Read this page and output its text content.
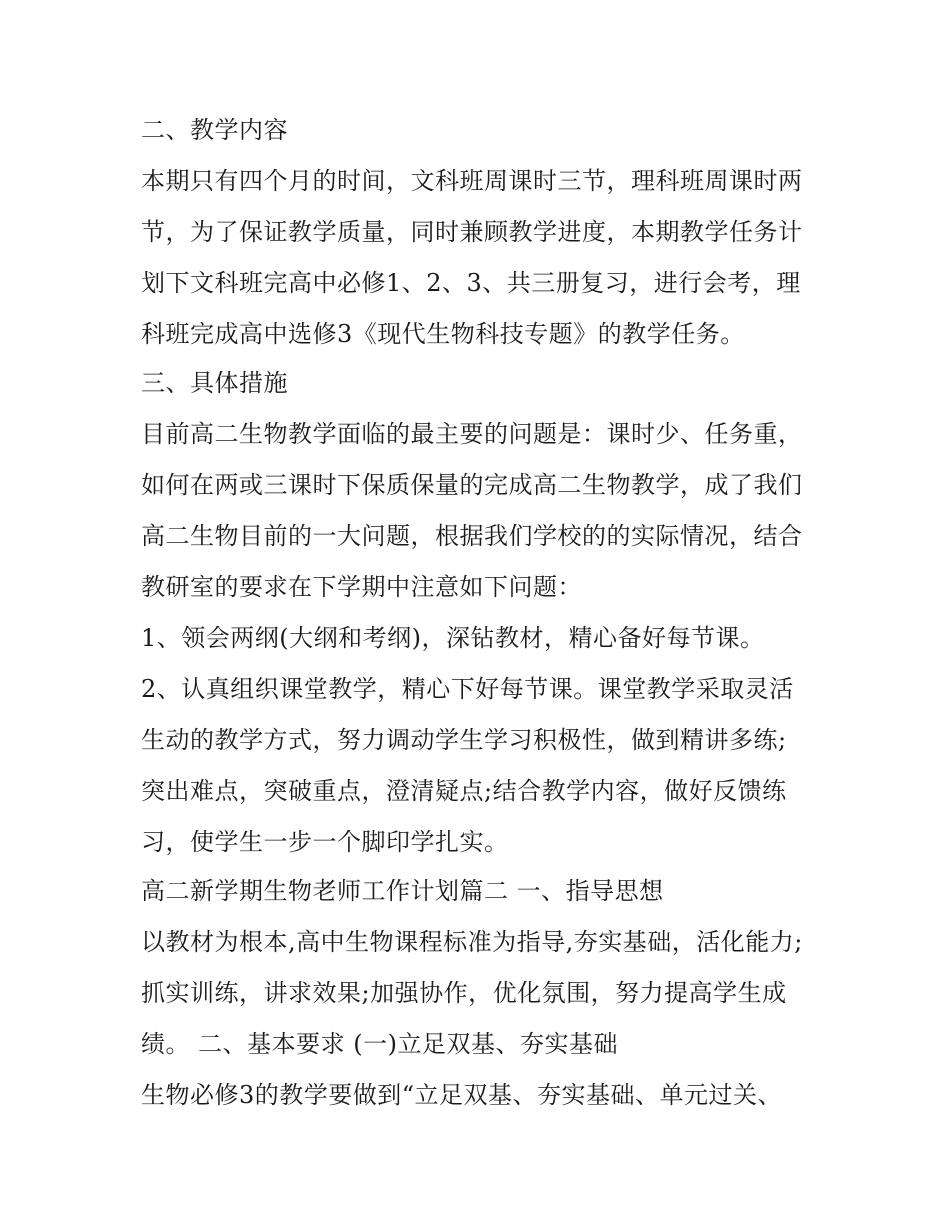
二、教学内容
本期只有四个月的时间，文科班周课时三节，理科班周课时两
节，为了保证教学质量，同时兼顾教学进度，本期教学任务计
划下文科班完高中必修1、2、3、共三册复习，进行会考，理
科班完成高中选修3《现代生物科技专题》的教学任务。
三、具体措施
目前高二生物教学面临的最主要的问题是：课时少、任务重，
如何在两或三课时下保质保量的完成高二生物教学，成了我们
高二生物目前的一大问题，根据我们学校的的实际情况，结合
教研室的要求在下学期中注意如下问题：
1、领会两纲(大纲和考纲)，深钻教材，精心备好每节课。
2、认真组织课堂教学，精心下好每节课。课堂教学采取灵活
生动的教学方式，努力调动学生学习积极性，做到精讲多练;
突出难点，突破重点，澄清疑点;结合教学内容，做好反馈练
习，使学生一步一个脚印学扎实。
高二新学期生物老师工作计划篇二 一、指导思想
以教材为根本,高中生物课程标准为指导,夯实基础，活化能力;
抓实训练，讲求效果;加强协作，优化氛围，努力提高学生成
绩。 二、基本要求 (一)立足双基、夯实基础
生物必修3的教学要做到“立足双基、夯实基础、单元过关、
